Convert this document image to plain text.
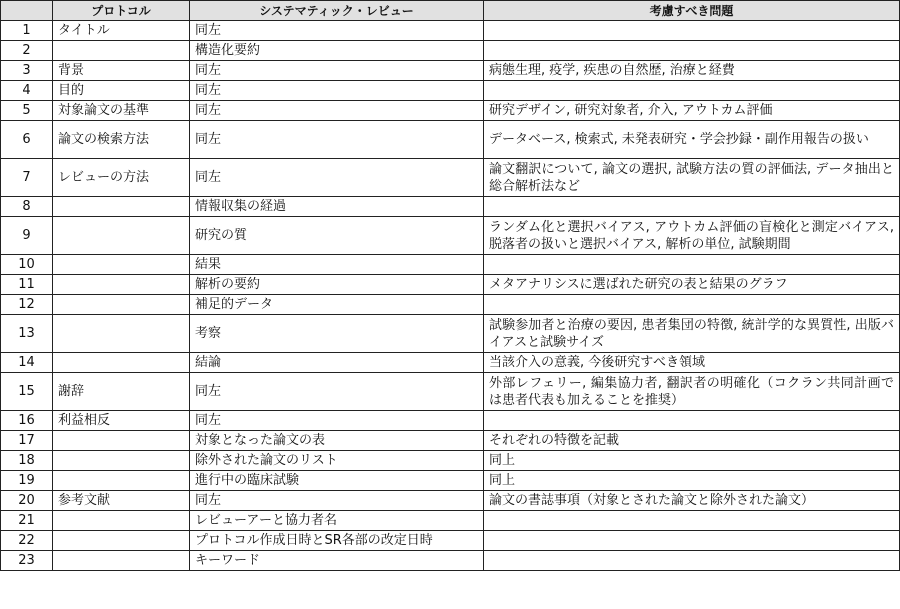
	プロトコル	システマティック・レビュー	考慮すべき問題
1	タイトル	同左	
2		構造化要約	
3	背景	同左	病態生理, 疫学, 疾患の自然歴, 治療と経費
4	目的	同左	
5	対象論文の基準	同左	研究デザイン, 研究対象者, 介入, アウトカム評価
6	論文の検索方法	同左	データベース, 検索式, 未発表研究・学会抄録・副作用報告の扱い
7	レビューの方法	同左	論文翻訳について, 論文の選択, 試験方法の質の評価法, データ抽出と総合解析法など
8		情報収集の経過	
9		研究の質	ランダム化と選択バイアス, アウトカム評価の盲検化と測定バイアス, 脱落者の扱いと選択バイアス, 解析の単位, 試験期間
10		結果	
11		解析の要約	メタアナリシスに選ばれた研究の表と結果のグラフ
12		補足的データ	
13		考察	試験参加者と治療の要因, 患者集団の特徴, 統計学的な異質性, 出版バイアスと試験サイズ
14		結論	当該介入の意義, 今後研究すべき領域
15	謝辞	同左	外部レフェリー, 編集協力者, 翻訳者の明確化（コクラン共同計画では患者代表も加えることを推奨）
16	利益相反	同左	
17		対象となった論文の表	それぞれの特徴を記載
18		除外された論文のリスト	同上
19		進行中の臨床試験	同上
20	参考文献	同左	論文の書誌事項（対象とされた論文と除外された論文）
21		レビューアーと協力者名	
22		プロトコル作成日時とSR各部の改定日時	
23		キーワード	
